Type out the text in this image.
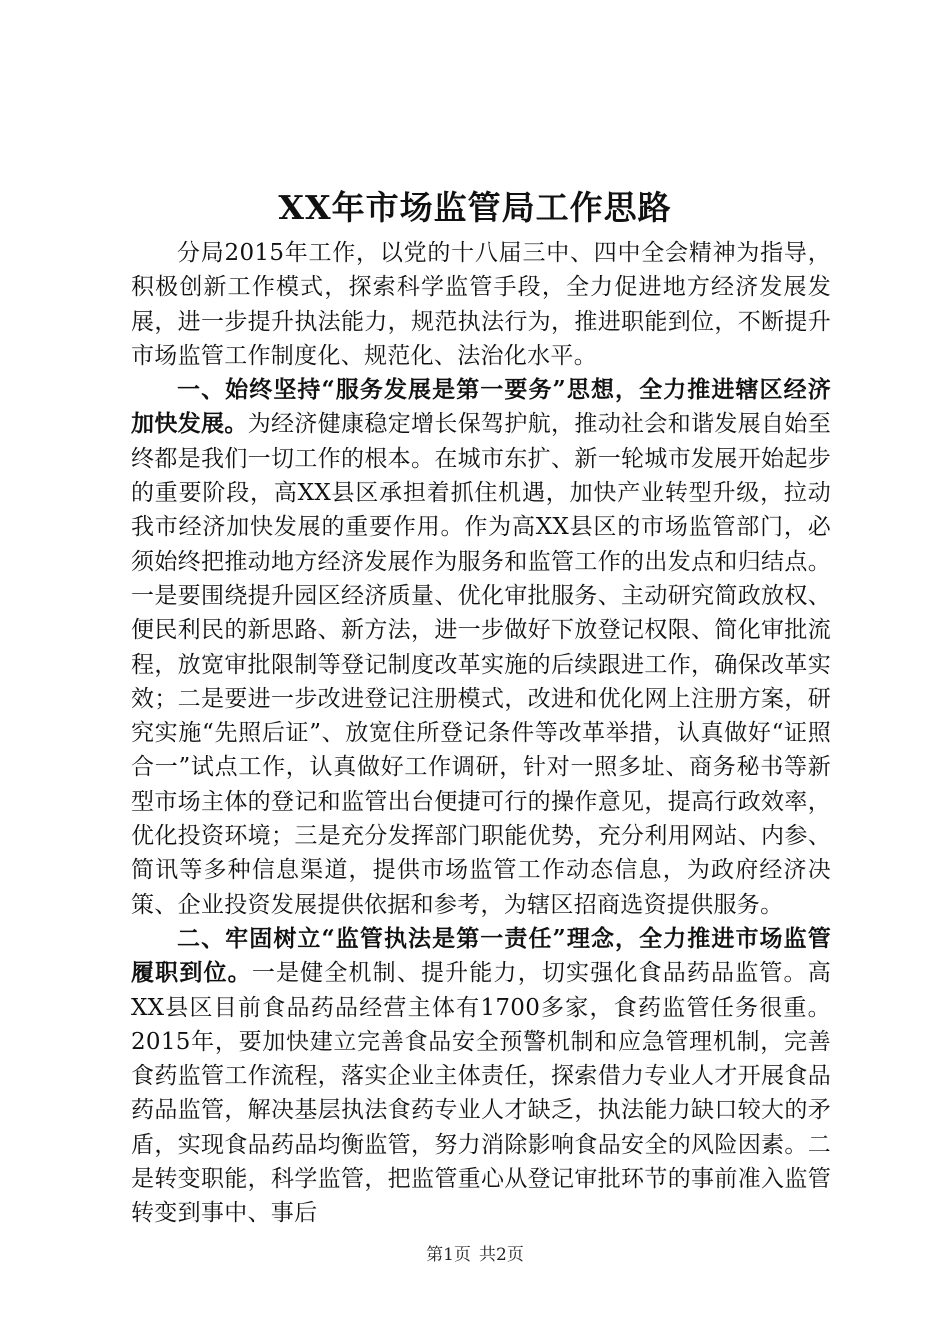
XX年市场监管局工作思路

分局2015年工作，以党的十八届三中、四中全会精神为指导，积极创新工作模式，探索科学监管手段，全力促进地方经济发展发展，进一步提升执法能力，规范执法行为，推进职能到位，不断提升市场监管工作制度化、规范化、法治化水平。

一、始终坚持“服务发展是第一要务”思想，全力推进辖区经济加快发展。为经济健康稳定增长保驾护航，推动社会和谐发展自始至终都是我们一切工作的根本。在城市东扩、新一轮城市发展开始起步的重要阶段，高XX县区承担着抓住机遇，加快产业转型升级，拉动我市经济加快发展的重要作用。作为高XX县区的市场监管部门，必须始终把推动地方经济发展作为服务和监管工作的出发点和归结点。一是要围绕提升园区经济质量、优化审批服务、主动研究简政放权、便民利民的新思路、新方法，进一步做好下放登记权限、简化审批流程，放宽审批限制等登记制度改革实施的后续跟进工作，确保改革实效；二是要进一步改进登记注册模式，改进和优化网上注册方案，研究实施“先照后证”、放宽住所登记条件等改革举措，认真做好“证照合一”试点工作，认真做好工作调研，针对一照多址、商务秘书等新型市场主体的登记和监管出台便捷可行的操作意见，提高行政效率，优化投资环境；三是充分发挥部门职能优势，充分利用网站、内参、简讯等多种信息渠道，提供市场监管工作动态信息，为政府经济决策、企业投资发展提供依据和参考，为辖区招商选资提供服务。

二、牢固树立“监管执法是第一责任”理念，全力推进市场监管履职到位。一是健全机制、提升能力，切实强化食品药品监管。高XX县区目前食品药品经营主体有1700多家，食药监管任务很重。2015年，要加快建立完善食品安全预警机制和应急管理机制，完善食药监管工作流程，落实企业主体责任，探索借力专业人才开展食品药品监管，解决基层执法食药专业人才缺乏，执法能力缺口较大的矛盾，实现食品药品均衡监管，努力消除影响食品安全的风险因素。二是转变职能，科学监管，把监管重心从登记审批环节的事前准入监管转变到事中、事后

第1页 共2页
